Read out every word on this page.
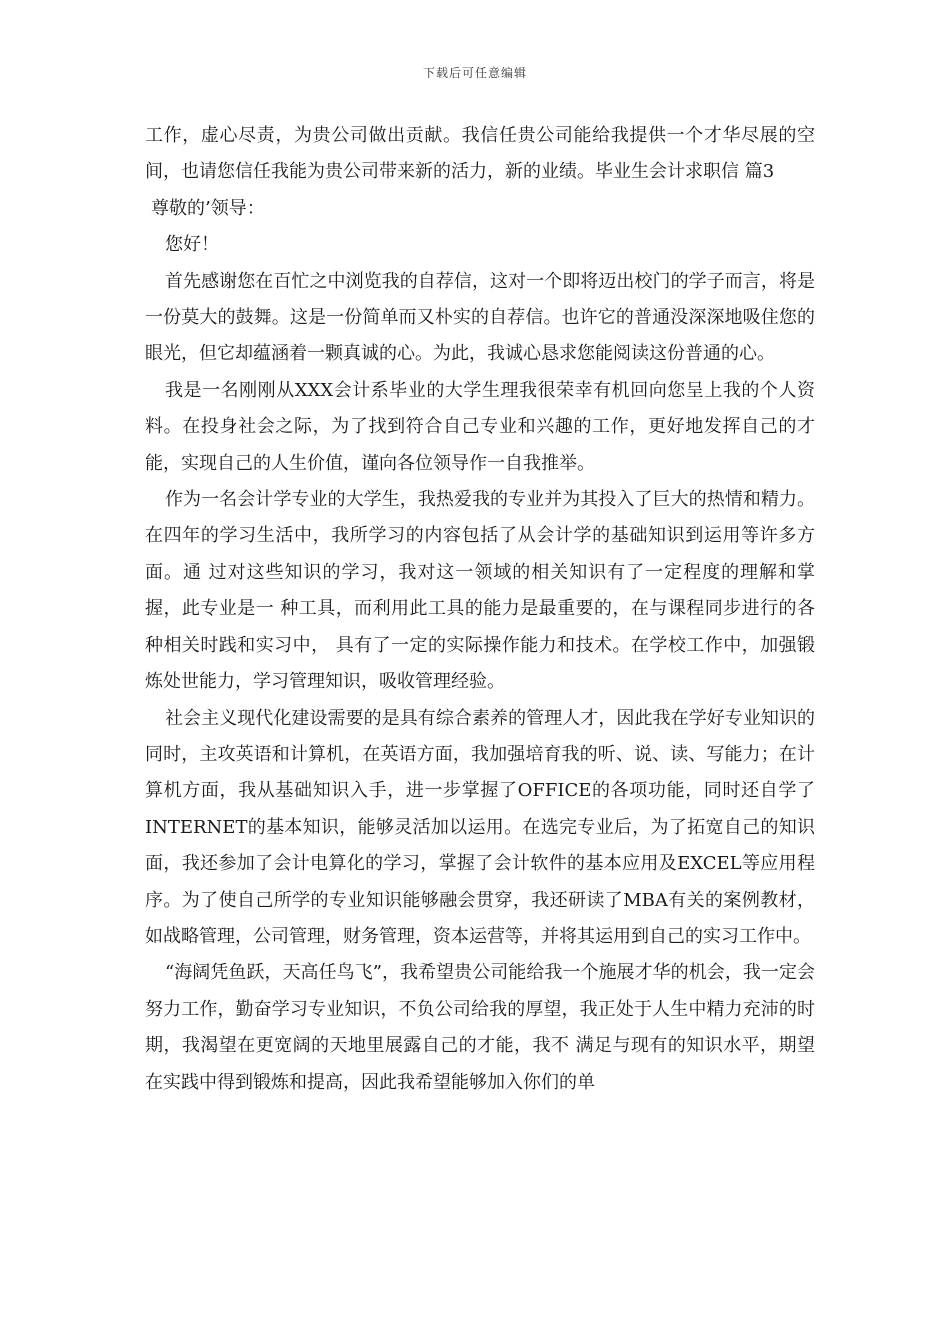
下载后可任意编辑

工作，虚心尽责，为贵公司做出贡献。我信任贵公司能给我提供一个才华尽展的空间，也请您信任我能为贵公司带来新的活力，新的业绩。毕业生会计求职信 篇3

尊敬的’领导：

您好！

首先感谢您在百忙之中浏览我的自荐信，这对一个即将迈出校门的学子而言，将是一份莫大的鼓舞。这是一份简单而又朴实的自荐信。也许它的普通没深深地吸住您的眼光，但它却蕴涵着一颗真诚的心。为此，我诚心恳求您能阅读这份普通的心。

我是一名刚刚从XXX会计系毕业的大学生理我很荣幸有机回向您呈上我的个人资料。在投身社会之际，为了找到符合自己专业和兴趣的工作，更好地发挥自己的才能，实现自己的人生价值，谨向各位领导作一自我推举。

作为一名会计学专业的大学生，我热爱我的专业并为其投入了巨大的热情和精力。 在四年的学习生活中，我所学习的内容包括了从会计学的基础知识到运用等许多方面。通 过对这些知识的学习，我对这一领域的相关知识有了一定程度的理解和掌握，此专业是一 种工具，而利用此工具的能力是最重要的，在与课程同步进行的各种相关时践和实习中， 具有了一定的实际操作能力和技术。在学校工作中，加强锻炼处世能力，学习管理知识，吸收管理经验。

社会主义现代化建设需要的是具有综合素养的管理人才，因此我在学好专业知识的同时，主攻英语和计算机，在英语方面，我加强培育我的听、说、读、写能力；在计算机方面，我从基础知识入手，进一步掌握了OFFICE的各项功能，同时还自学了INTERNET的基本知识，能够灵活加以运用。在选完专业后，为了拓宽自己的知识面，我还参加了会计电算化的学习，掌握了会计软件的基本应用及EXCEL等应用程序。为了使自己所学的专业知识能够融会贯穿，我还研读了MBA有关的案例教材，如战略管理，公司管理，财务管理，资本运营等，并将其运用到自己的实习工作中。

“海阔凭鱼跃，天高任鸟飞”，我希望贵公司能给我一个施展才华的机会，我一定会努力工作，勤奋学习专业知识，不负公司给我的厚望，我正处于人生中精力充沛的时期，我渴望在更宽阔的天地里展露自己的才能，我不 满足与现有的知识水平，期望在实践中得到锻炼和提高，因此我希望能够加入你们的单
